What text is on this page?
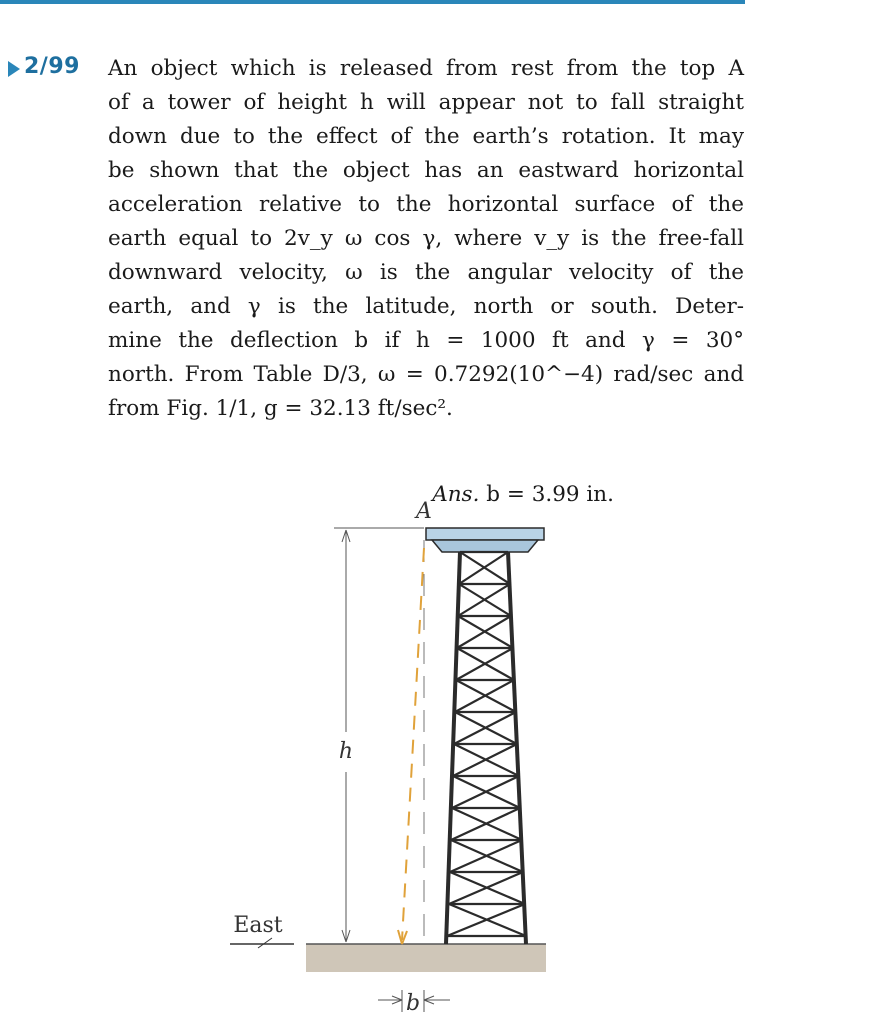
2/99 An object which is released from rest from the top A
of a tower of height h will appear not to fall straight
down due to the effect of the earth’s rotation. It may
be shown that the object has an eastward horizontal
acceleration relative to the horizontal surface of the
earth equal to 2v_y ω cos γ, where v_y is the free-fall
downward velocity, ω is the angular velocity of the
earth, and γ is the latitude, north or south. Deter-
mine the deflection b if h = 1000 ft and γ = 30°
north. From Table D/3, ω = 0.7292(10^−4) rad/sec and
from Fig. 1/1, g = 32.13 ft/sec².

Ans. b = 3.99 in.
A
h
East
b
